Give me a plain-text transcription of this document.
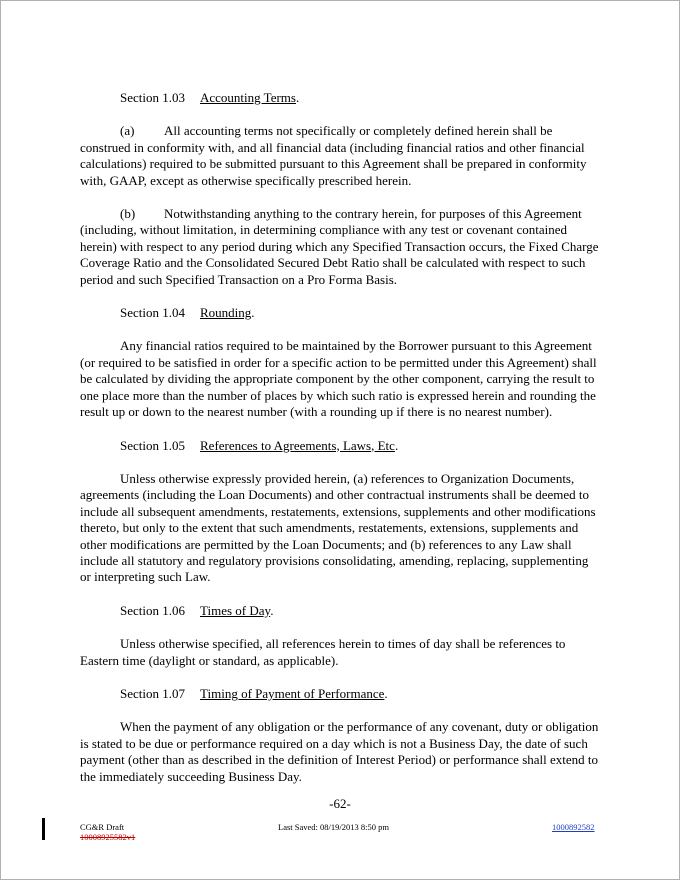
Section 1.03 Accounting Terms.

(a) All accounting terms not specifically or completely defined herein shall be construed in conformity with, and all financial data (including financial ratios and other financial calculations) required to be submitted pursuant to this Agreement shall be prepared in conformity with, GAAP, except as otherwise specifically prescribed herein.

(b) Notwithstanding anything to the contrary herein, for purposes of this Agreement (including, without limitation, in determining compliance with any test or covenant contained herein) with respect to any period during which any Specified Transaction occurs, the Fixed Charge Coverage Ratio and the Consolidated Secured Debt Ratio shall be calculated with respect to such period and such Specified Transaction on a Pro Forma Basis.

Section 1.04 Rounding.

Any financial ratios required to be maintained by the Borrower pursuant to this Agreement (or required to be satisfied in order for a specific action to be permitted under this Agreement) shall be calculated by dividing the appropriate component by the other component, carrying the result to one place more than the number of places by which such ratio is expressed herein and rounding the result up or down to the nearest number (with a rounding up if there is no nearest number).

Section 1.05 References to Agreements, Laws, Etc.

Unless otherwise expressly provided herein, (a) references to Organization Documents, agreements (including the Loan Documents) and other contractual instruments shall be deemed to include all subsequent amendments, restatements, extensions, supplements and other modifications thereto, but only to the extent that such amendments, restatements, extensions, supplements and other modifications are permitted by the Loan Documents; and (b) references to any Law shall include all statutory and regulatory provisions consolidating, amending, replacing, supplementing or interpreting such Law.

Section 1.06 Times of Day.

Unless otherwise specified, all references herein to times of day shall be references to Eastern time (daylight or standard, as applicable).

Section 1.07 Timing of Payment of Performance.

When the payment of any obligation or the performance of any covenant, duty or obligation is stated to be due or performance required on a day which is not a Business Day, the date of such payment (other than as described in the definition of Interest Period) or performance shall extend to the immediately succeeding Business Day.

-62-
CG&R Draft
10008925582v1
Last Saved: 08/19/2013 8:50 pm	1000892582
